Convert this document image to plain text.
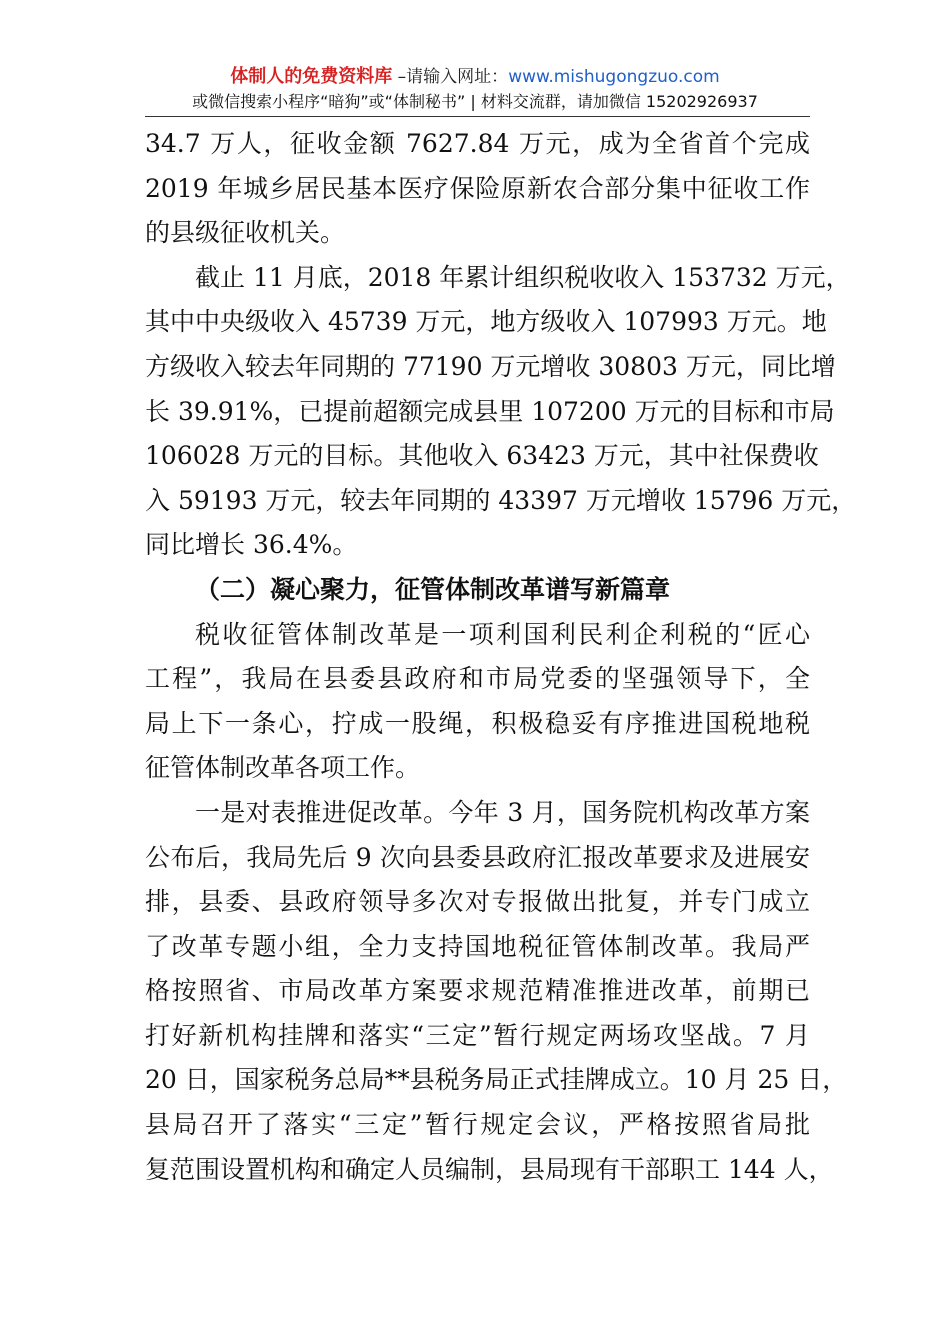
体制人的免费资料库 –请输入网址：www.mishugongzuo.com
或微信搜索小程序“暗狗”或“体制秘书” | 材料交流群，请加微信 15202926937
34.7 万人，征收金额 7627.84 万元，成为全省首个完成
2019 年城乡居民基本医疗保险原新农合部分集中征收工作
的县级征收机关。
截止 11 月底，2018 年累计组织税收收入 153732 万元，
其中中央级收入 45739 万元，地方级收入 107993 万元。地
方级收入较去年同期的 77190 万元增收 30803 万元，同比增
长 39.91%，已提前超额完成县里 107200 万元的目标和市局
106028 万元的目标。其他收入 63423 万元，其中社保费收
入 59193 万元，较去年同期的 43397 万元增收 15796 万元，
同比增长 36.4%。
（二）凝心聚力，征管体制改革谱写新篇章
税收征管体制改革是一项利国利民利企利税的“匠心
工程”，我局在县委县政府和市局党委的坚强领导下，全
局上下一条心，拧成一股绳，积极稳妥有序推进国税地税
征管体制改革各项工作。
一是对表推进促改革。今年 3 月，国务院机构改革方案
公布后，我局先后 9 次向县委县政府汇报改革要求及进展安
排，县委、县政府领导多次对专报做出批复，并专门成立
了改革专题小组，全力支持国地税征管体制改革。我局严
格按照省、市局改革方案要求规范精准推进改革，前期已
打好新机构挂牌和落实“三定”暂行规定两场攻坚战。7 月
20 日，国家税务总局**县税务局正式挂牌成立。10 月 25 日，
县局召开了落实“三定”暂行规定会议，严格按照省局批
复范围设置机构和确定人员编制，县局现有干部职工 144 人，
